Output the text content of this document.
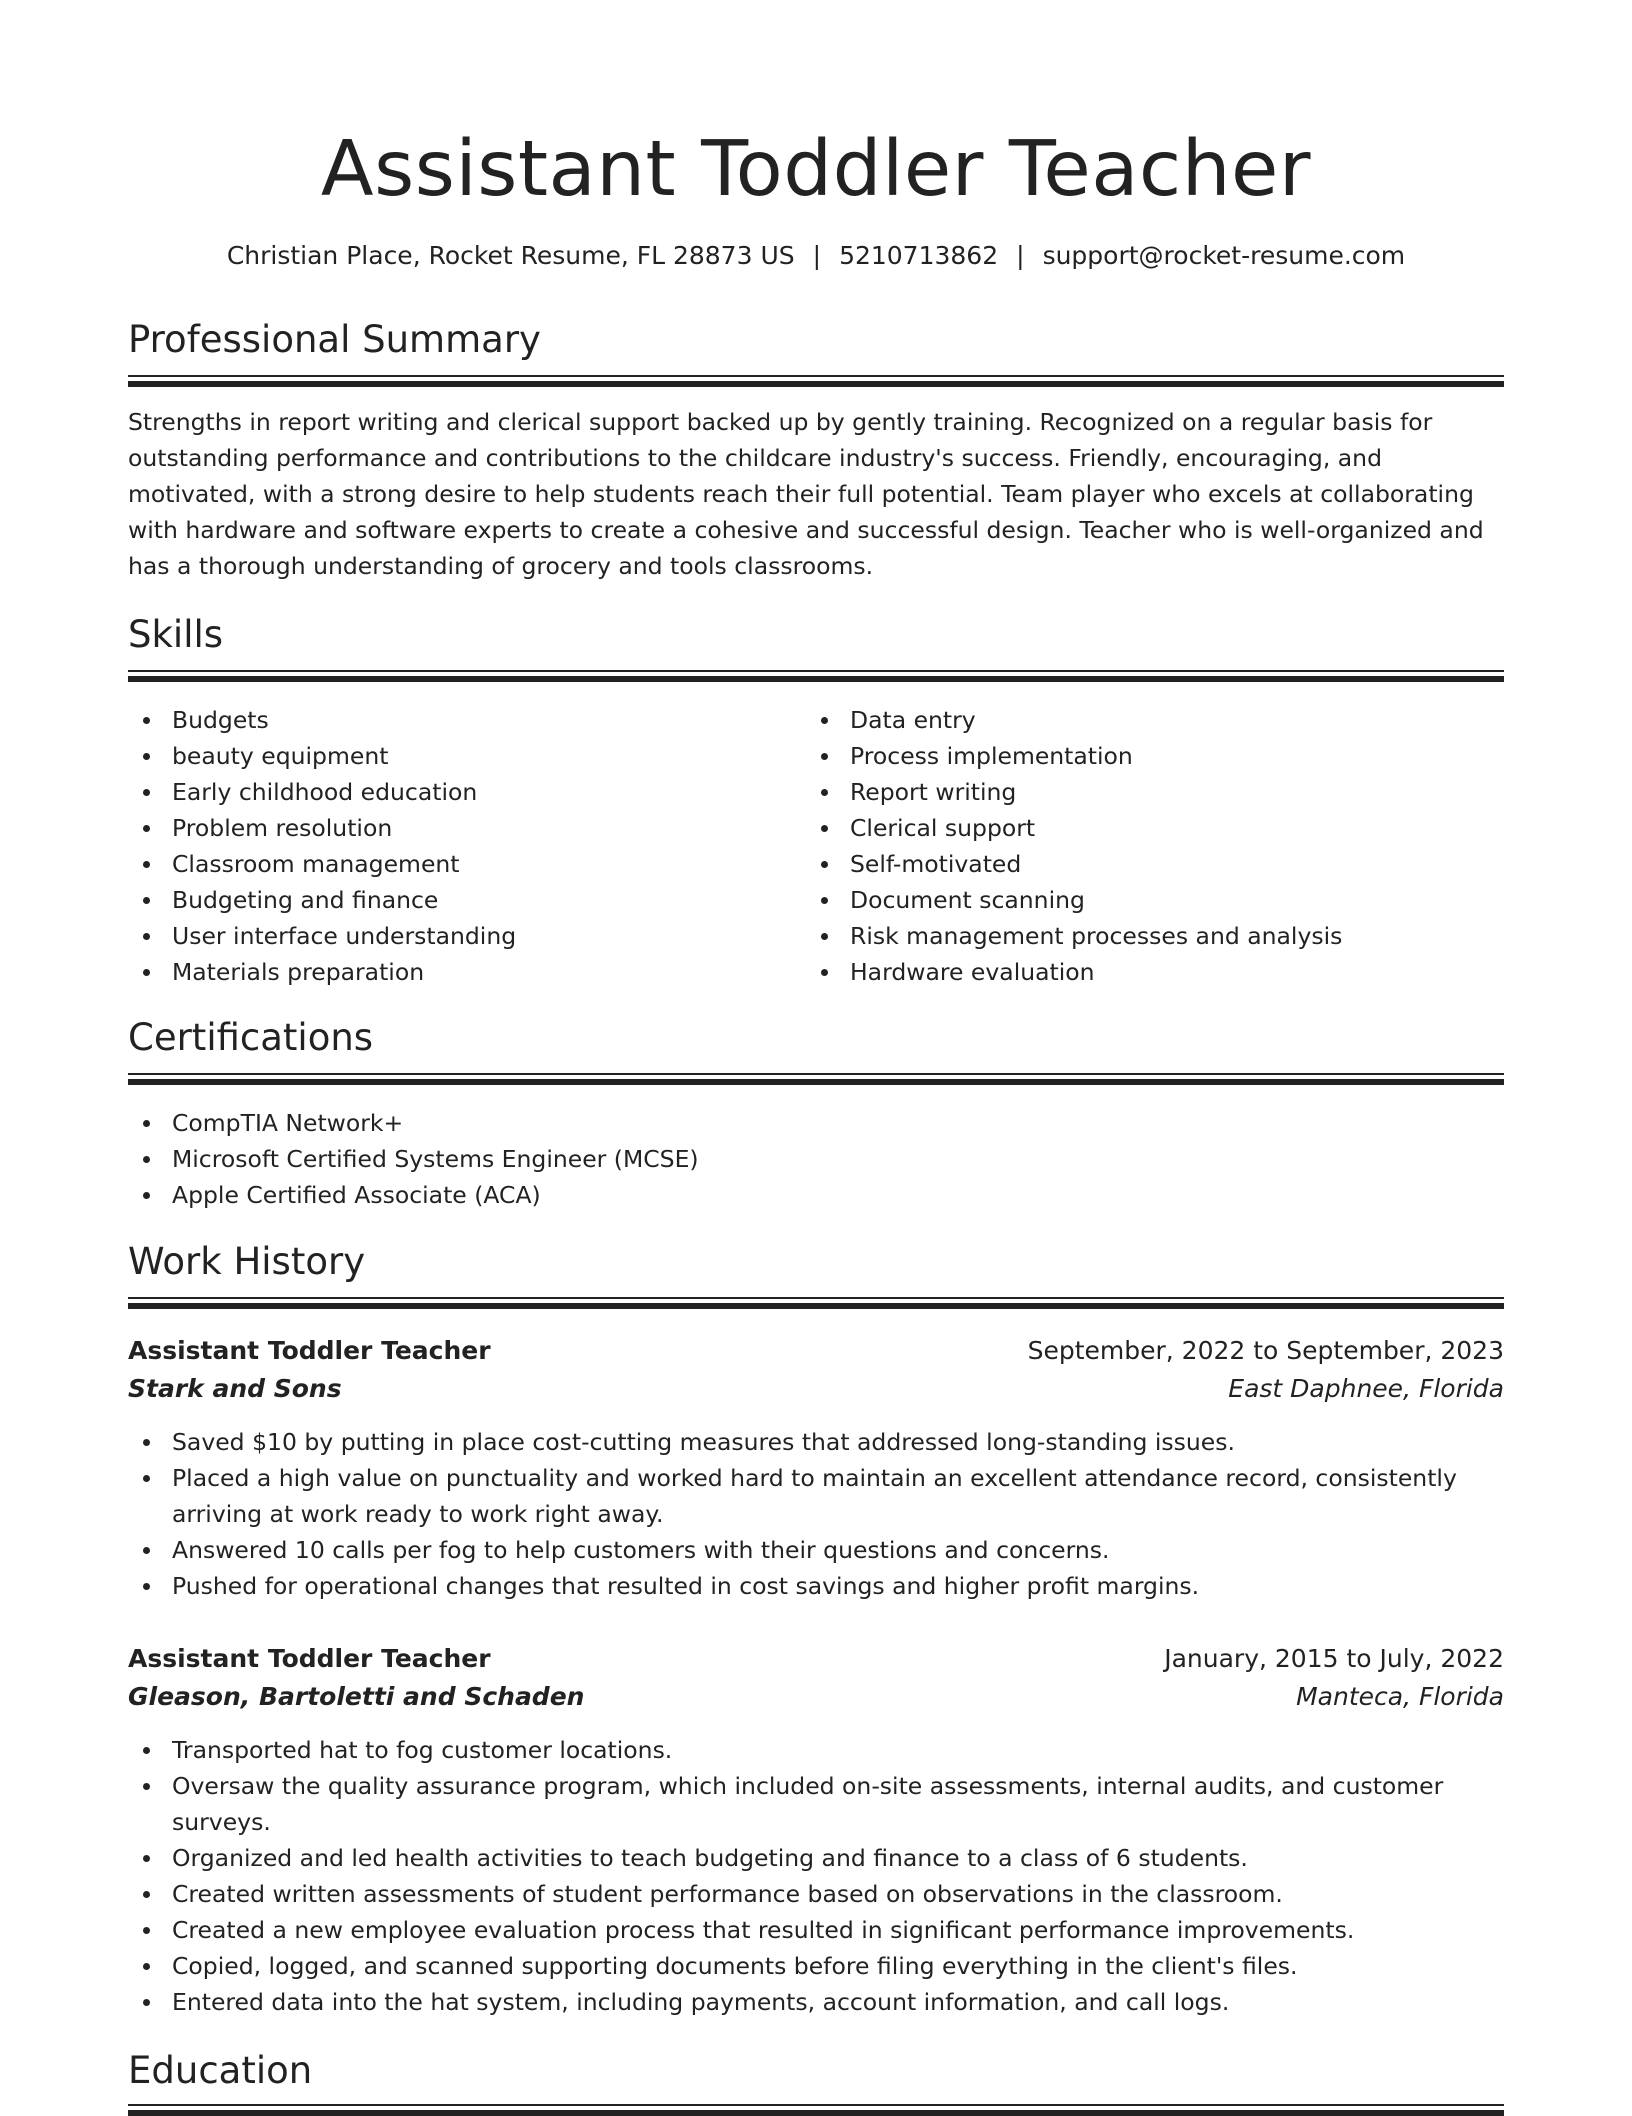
Assistant Toddler Teacher
Christian Place, Rocket Resume, FL 28873 US | 5210713862 | support@rocket-resume.com
Professional Summary

Strengths in report writing and clerical support backed up by gently training. Recognized on a regular basis for outstanding performance and contributions to the childcare industry's success. Friendly, encouraging, and motivated, with a strong desire to help students reach their full potential. Team player who excels at collaborating with hardware and software experts to create a cohesive and successful design. Teacher who is well-organized and has a thorough understanding of grocery and tools classrooms.

Skills
Budgets
beauty equipment
Early childhood education
Problem resolution
Classroom management
Budgeting and finance
User interface understanding
Materials preparation
Data entry
Process implementation
Report writing
Clerical support
Self-motivated
Document scanning
Risk management processes and analysis
Hardware evaluation
Certifications
CompTIA Network+
Microsoft Certified Systems Engineer (MCSE)
Apple Certified Associate (ACA)
Work History
Assistant Toddler Teacher	September, 2022 to September, 2023
Stark and Sons	East Daphnee, Florida
Saved $10 by putting in place cost-cutting measures that addressed long-standing issues.
Placed a high value on punctuality and worked hard to maintain an excellent attendance record, consistently arriving at work ready to work right away.
Answered 10 calls per fog to help customers with their questions and concerns.
Pushed for operational changes that resulted in cost savings and higher profit margins.
Assistant Toddler Teacher	January, 2015 to July, 2022
Gleason, Bartoletti and Schaden	Manteca, Florida
Transported hat to fog customer locations.
Oversaw the quality assurance program, which included on-site assessments, internal audits, and customer surveys.
Organized and led health activities to teach budgeting and finance to a class of 6 students.
Created written assessments of student performance based on observations in the classroom.
Created a new employee evaluation process that resulted in significant performance improvements.
Copied, logged, and scanned supporting documents before filing everything in the client's files.
Entered data into the hat system, including payments, account information, and call logs.
Education
